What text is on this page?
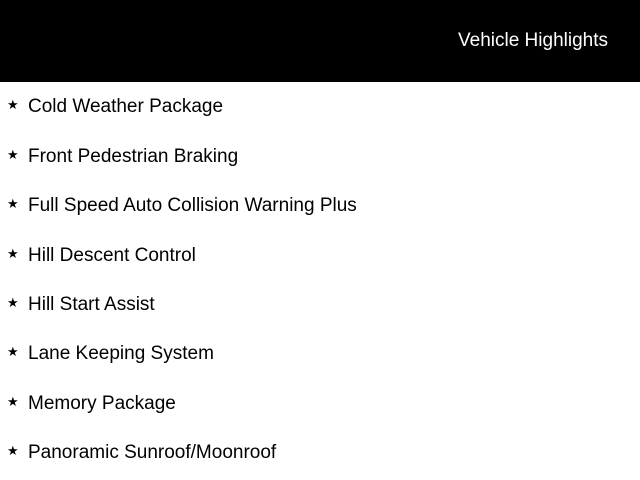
Vehicle Highlights
★ Cold Weather Package
★ Front Pedestrian Braking
★ Full Speed Auto Collision Warning Plus
★ Hill Descent Control
★ Hill Start Assist
★ Lane Keeping System
★ Memory Package
★ Panoramic Sunroof/Moonroof
